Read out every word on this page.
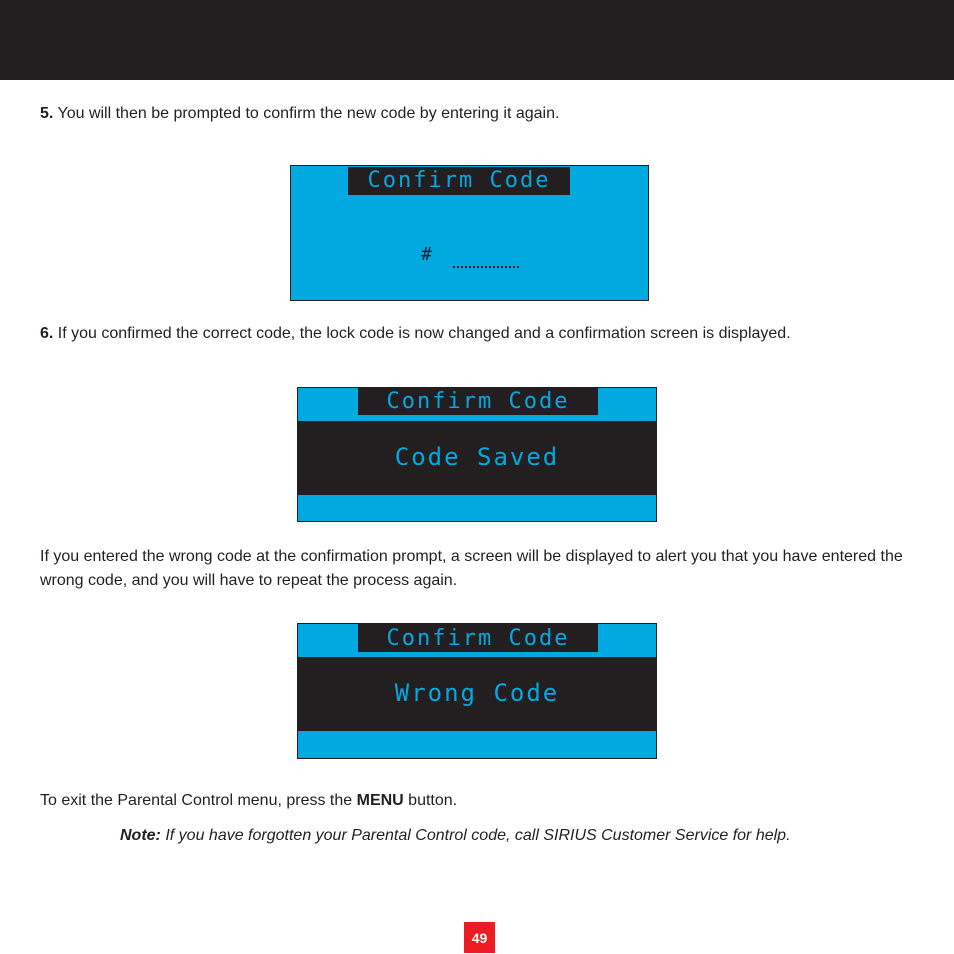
5. You will then be prompted to confirm the new code by entering it again.

Confirm Code
#

6. If you confirmed the correct code, the lock code is now changed and a confirmation screen is displayed.

Confirm Code
Code Saved

If you entered the wrong code at the confirmation prompt, a screen will be displayed to alert you that you have entered the wrong code, and you will have to repeat the process again.

Confirm Code
Wrong Code

To exit the Parental Control menu, press the MENU button.

Note: If you have forgotten your Parental Control code, call SIRIUS Customer Service for help.

49
